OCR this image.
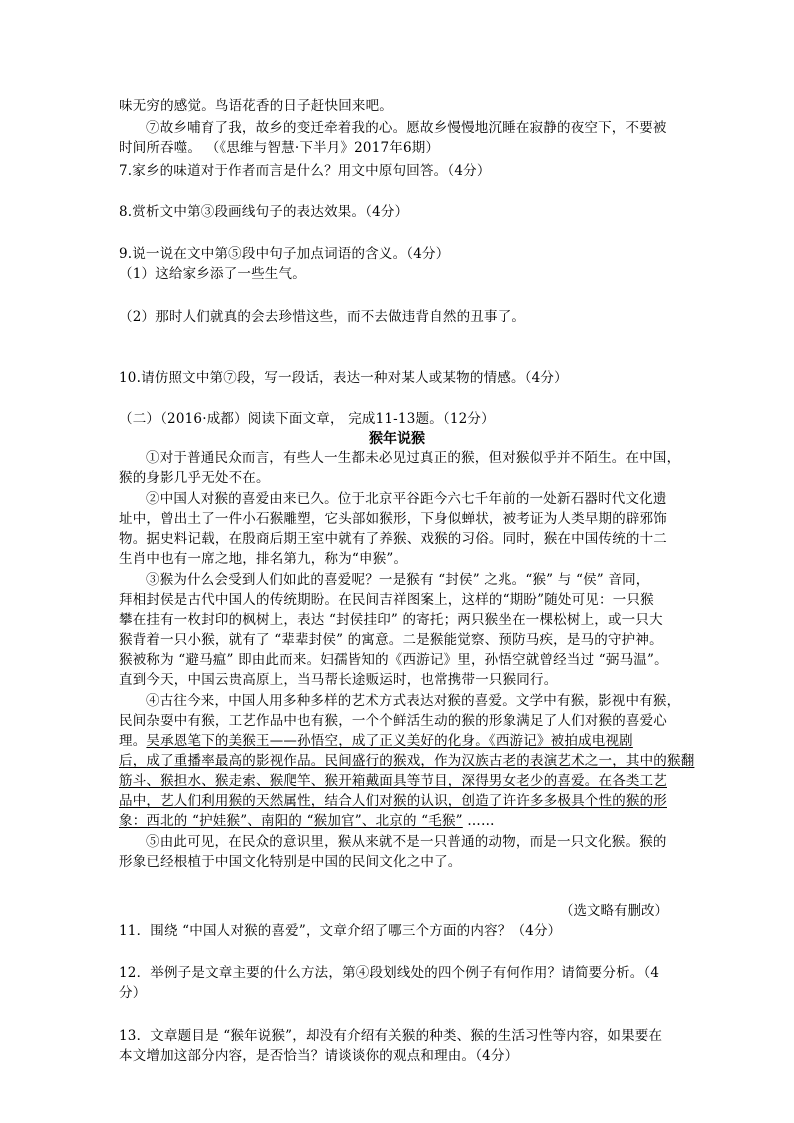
味无穷的感觉。鸟语花香的日子赶快回来吧。
⑦故乡哺育了我，故乡的变迁牵着我的心。愿故乡慢慢地沉睡在寂静的夜空下，不要被
时间所吞噬。 （《思维与智慧·下半月》2017年6期）
7.家乡的味道对于作者而言是什么？用文中原句回答。（4分）
8.赏析文中第③段画线句子的表达效果。（4分）
9.说一说在文中第⑤段中句子加点词语的含义。（4分）
（1）这给家乡添了一些生气。
（2）那时人们就真的会去珍惜这些，而不去做违背自然的丑事了。
10.请仿照文中第⑦段，写一段话，表达一种对某人或某物的情感。（4分）
（二）（2016·成都）阅读下面文章， 完成11-13题。（12分）
猴年说猴
①对于普通民众而言，有些人一生都未必见过真正的猴，但对猴似乎并不陌生。在中国，
猴的身影几乎无处不在。
②中国人对猴的喜爱由来已久。位于北京平谷距今六七千年前的一处新石器时代文化遗
址中，曾出土了一件小石猴雕塑，它头部如猴形，下身似蝉状，被考证为人类早期的辟邪饰
物。据史料记载，在殷商后期王室中就有了养猴、戏猴的习俗。同时，猴在中国传统的十二
生肖中也有一席之地，排名第九，称为“申猴”。
③猴为什么会受到人们如此的喜爱呢？一是猴有 “封侯” 之兆。“猴” 与 “侯” 音同，
拜相封侯是古代中国人的传统期盼。在民间吉祥图案上，这样的“期盼”随处可见：一只猴
攀在挂有一枚封印的枫树上，表达 “封侯挂印” 的寄托；两只猴坐在一棵松树上，或一只大
猴背着一只小猴，就有了 “辈辈封侯” 的寓意。二是猴能觉察、预防马疾，是马的守护神。
猴被称为 “避马瘟” 即由此而来。妇孺皆知的《西游记》里，孙悟空就曾经当过 “弼马温”。
直到今天，中国云贵高原上，当马帮长途贩运时，也常携带一只猴同行。
④古往今来，中国人用多种多样的艺术方式表达对猴的喜爱。文学中有猴，影视中有猴，
民间杂耍中有猴，工艺作品中也有猴，一个个鲜活生动的猴的形象满足了人们对猴的喜爱心
理。吴承恩笔下的美猴王——孙悟空，成了正义美好的化身。《西游记》被拍成电视剧
后，成了重播率最高的影视作品。民间盛行的猴戏，作为汉族古老的表演艺术之一，其中的猴翻
筋斗、猴担水、猴走索、猴爬竿、猴开箱戴面具等节目，深得男女老少的喜爱。在各类工艺
品中，艺人们利用猴的天然属性，结合人们对猴的认识，创造了许许多多极具个性的猴的形
象：西北的 “护娃猴”、南阳的 “猴加官”、北京的 “毛猴” ……
⑤由此可见，在民众的意识里，猴从来就不是一只普通的动物，而是一只文化猴。猴的
形象已经根植于中国文化特别是中国的民间文化之中了。
（选文略有删改）
11．围绕 “中国人对猴的喜爱”，文章介绍了哪三个方面的内容？（4分）
12．举例子是文章主要的什么方法，第④段划线处的四个例子有何作用？请简要分析。（4
分）
13．文章题目是 “猴年说猴”，却没有介绍有关猴的种类、猴的生活习性等内容，如果要在
本文增加这部分内容，是否恰当？请谈谈你的观点和理由。（4分）
